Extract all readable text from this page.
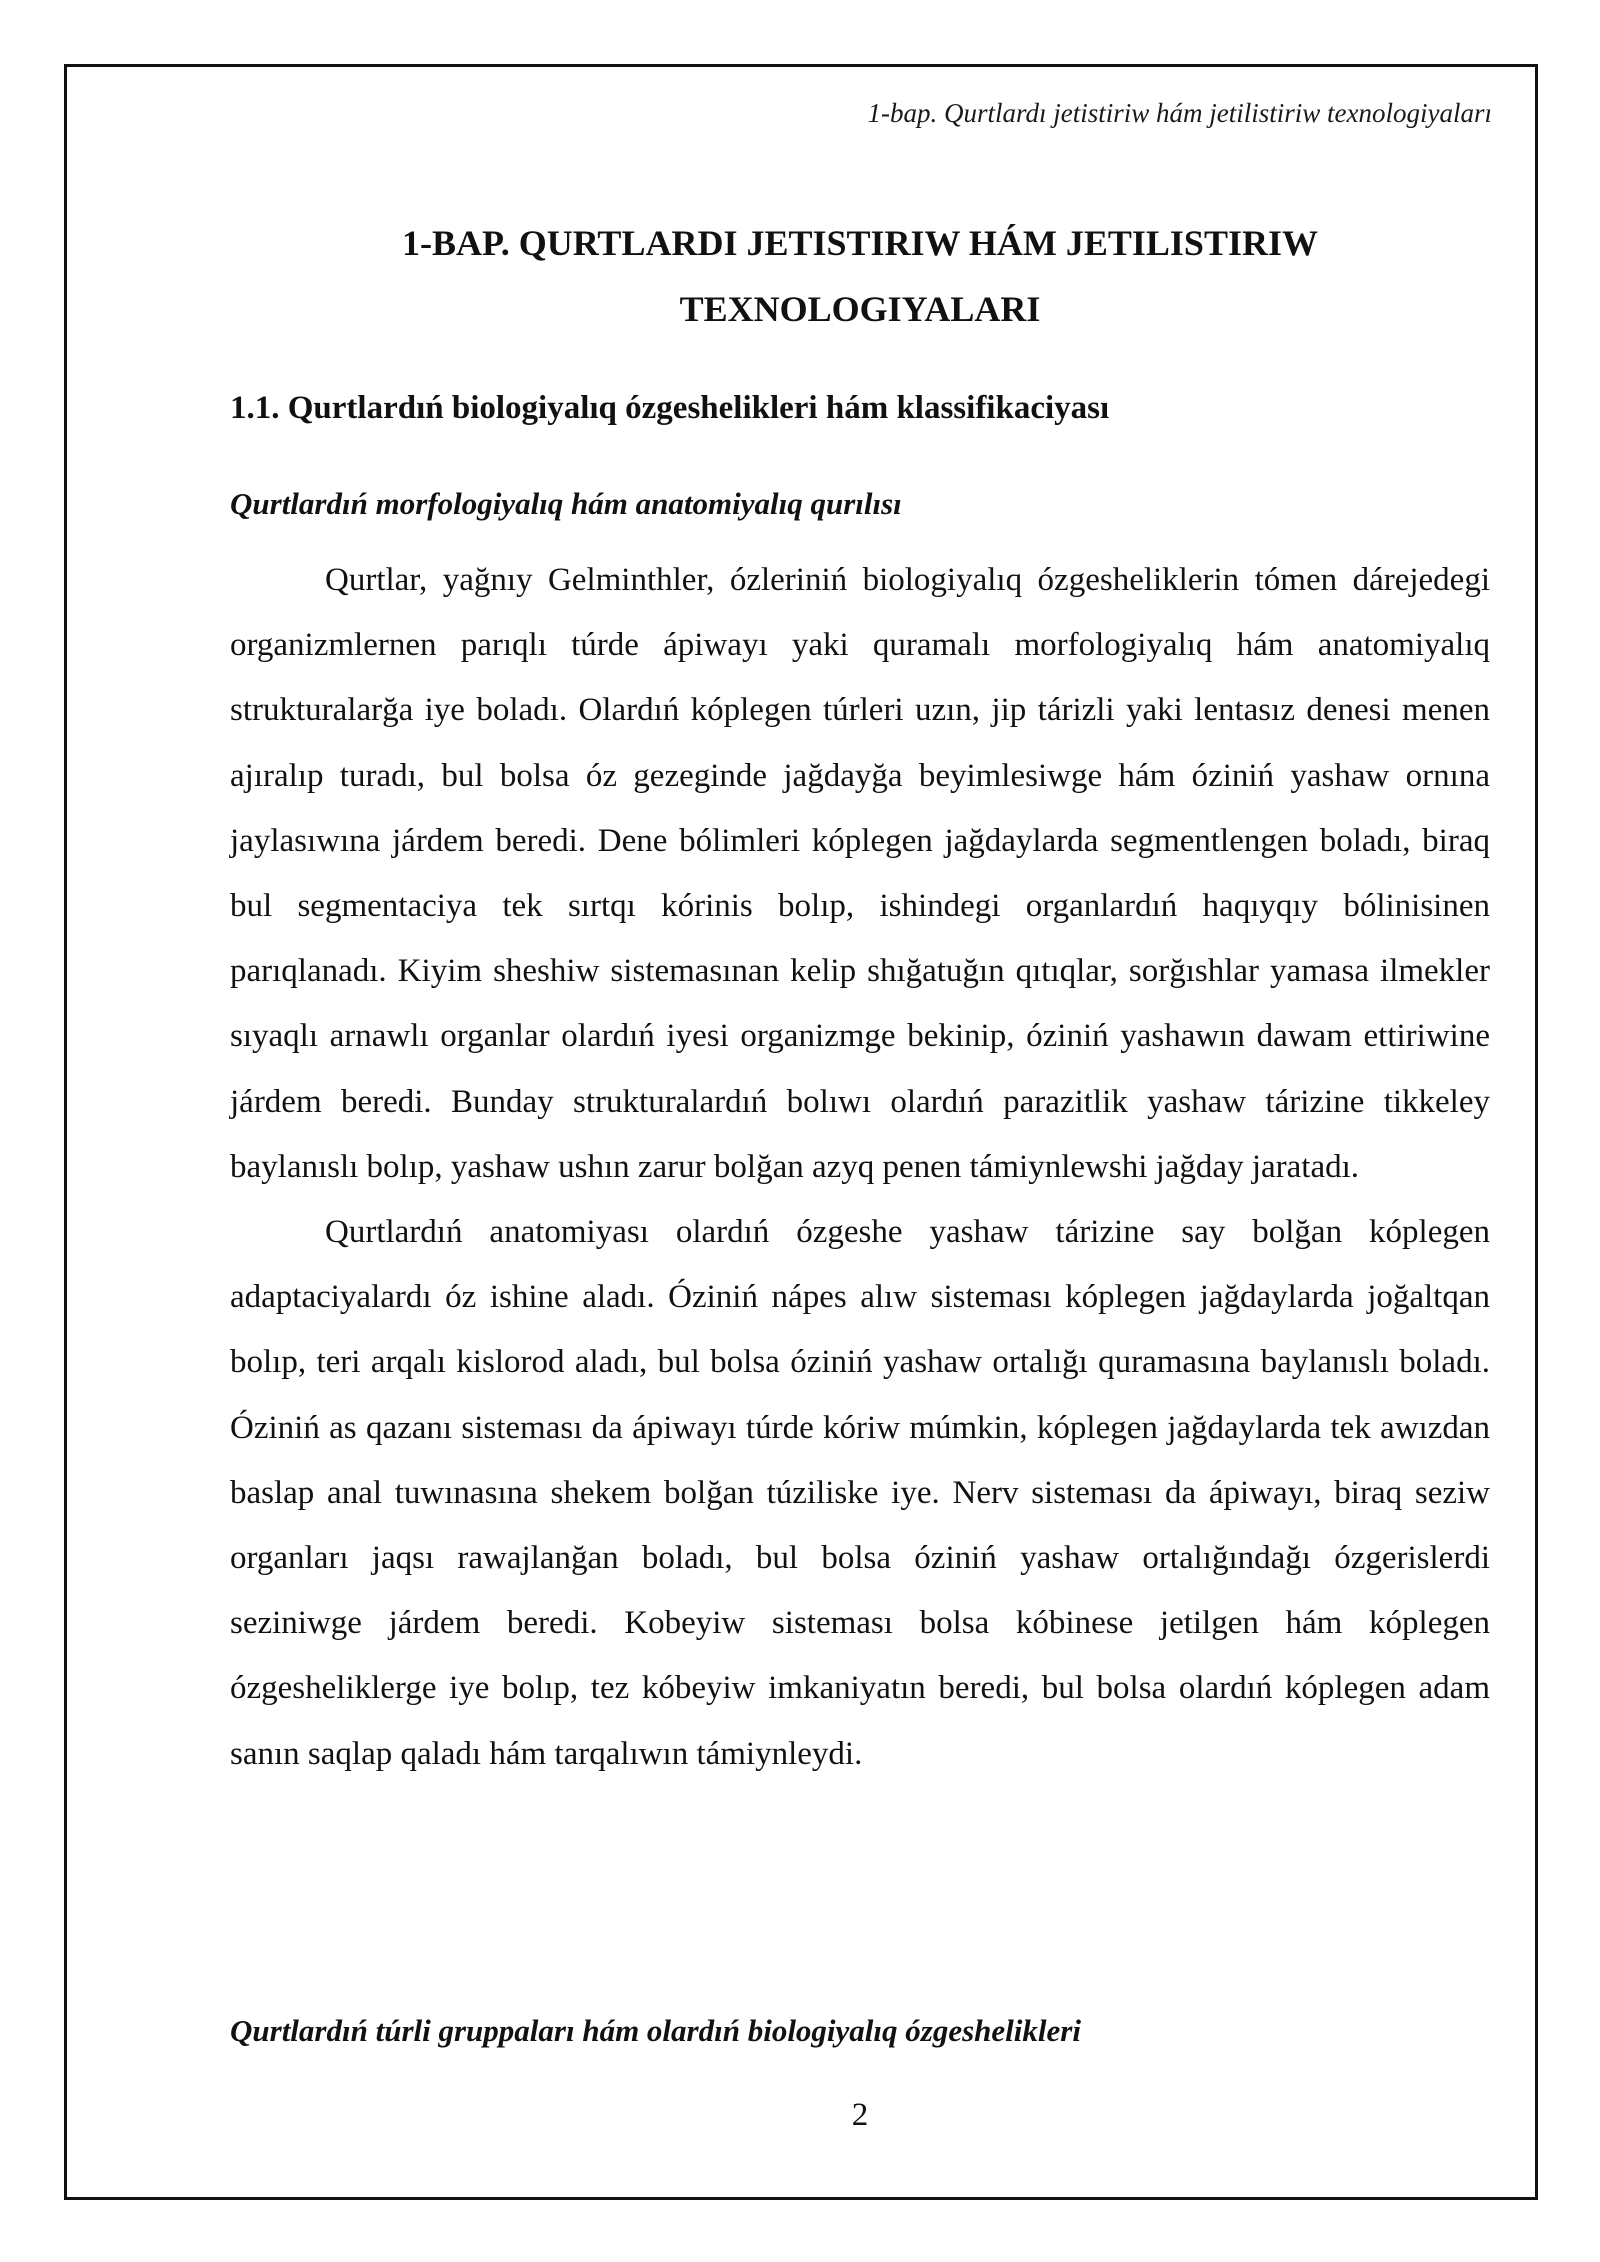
1-bap. Qurtlardı jetistiriw hám jetilistiriw texnologiyaları
1-BAP. QURTLARDI JETISTIRIW HÁM JETILISTIRIW
TEXNOLOGIYALARI
1.1. Qurtlardıń biologiyalıq ózgeshelikleri hám klassifikaciyası
Qurtlardıń morfologiyalıq hám anatomiyalıq qurılısı

Qurtlar, yağnıy Gelminthler, ózleriniń biologiyalıq ózgesheliklerin tómen dárejedegi organizmlernen parıqlı túrde ápiwayı yaki quramalı morfologiyalıq hám anatomiyalıq strukturalarğa iye boladı. Olardıń kóplegen túrleri uzın, jip tárizli yaki lentasız denesi menen ajıralıp turadı, bul bolsa óz gezeginde jağdayğa beyimlesiwge hám óziniń yashaw ornına jaylasıwına járdem beredi. Dene bólimleri kóplegen jağdaylarda segmentlengen boladı, biraq bul segmentaciya tek sırtqı kórinis bolıp, ishindegi organlardıń haqıyqıy bólinisinen parıqlanadı. Kiyim sheshiw sistemasınan kelip shığatuğın qıtıqlar, sorğıshlar yamasa ilmekler sıyaqlı arnawlı organlar olardıń iyesi organizmge bekinip, óziniń yashawın dawam ettiriwine járdem beredi. Bunday strukturalardıń bolıwı olardıń parazitlik yashaw tárizine tikkeley baylanıslı bolıp, yashaw ushın zarur bolğan azyq penen támiynlewshi jağday jaratadı.

Qurtlardıń anatomiyası olardıń ózgeshe yashaw tárizine say bolğan kóplegen adaptaciyalardı óz ishine aladı. Óziniń nápes alıw sisteması kóplegen jağdaylarda joğaltqan bolıp, teri arqalı kislorod aladı, bul bolsa óziniń yashaw ortalığı quramasına baylanıslı boladı. Óziniń as qazanı sisteması da ápiwayı túrde kóriw múmkin, kóplegen jağdaylarda tek awızdan baslap anal tuwınasına shekem bolğan túziliske iye. Nerv sisteması da ápiwayı, biraq seziw organları jaqsı rawajlanğan boladı, bul bolsa óziniń yashaw ortalığındağı ózgerislerdi seziniwge járdem beredi. Kobeyiw sisteması bolsa kóbinese jetilgen hám kóplegen ózgesheliklerge iye bolıp, tez kóbeyiw imkaniyatın beredi, bul bolsa olardıń kóplegen adam sanın saqlap qaladı hám tarqalıwın támiynleydi.

Qurtlardıń túrli gruppaları hám olardıń biologiyalıq ózgeshelikleri
2
